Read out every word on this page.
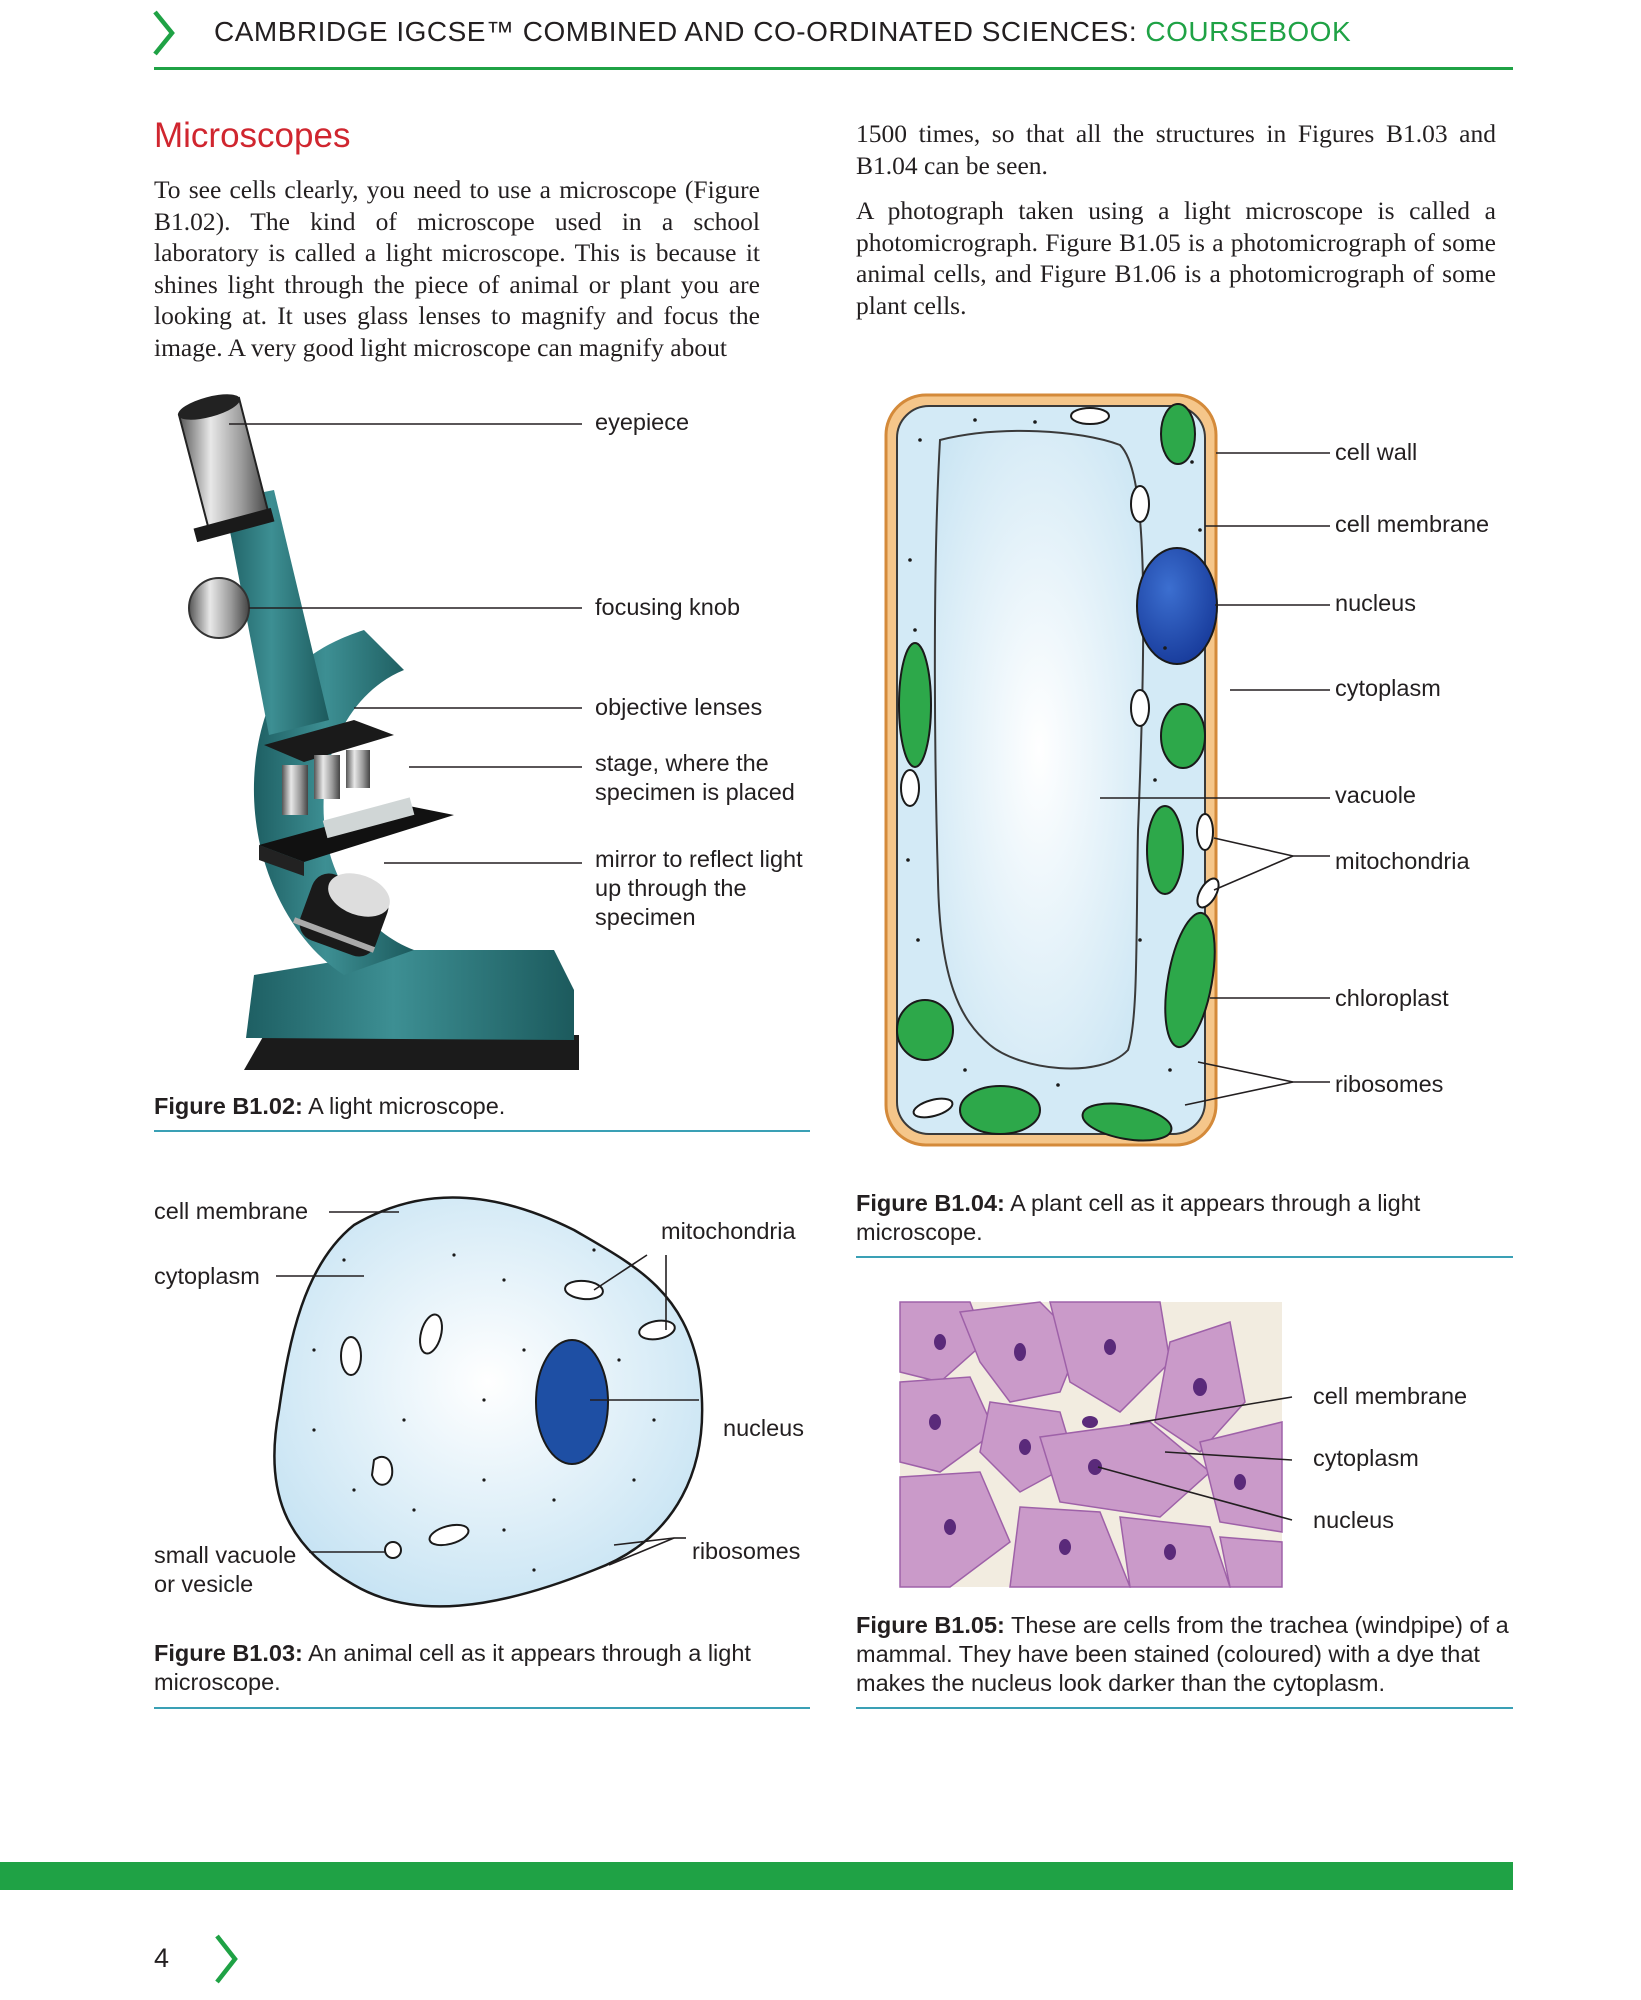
CAMBRIDGE IGCSE™ COMBINED AND CO-ORDINATED SCIENCES: COURSEBOOK
Microscopes

To see cells clearly, you need to use a microscope (Figure B1.02). The kind of microscope used in a school laboratory is called a light microscope. This is because it shines light through the piece of animal or plant you are looking at. It uses glass lenses to magnify and focus the image. A very good light microscope can magnify about

1500 times, so that all the structures in Figures B1.03 and B1.04 can be seen.

A photograph taken using a light microscope is called a photomicrograph. Figure B1.05 is a photomicrograph of some animal cells, and Figure B1.06 is a photomicrograph of some plant cells.

eyepiece
focusing knob
objective lenses
stage, where the specimen is placed
mirror to reflect light up through the specimen
Figure B1.02: A light microscope.
cell wall
cell membrane
nucleus
cytoplasm
vacuole
mitochondria
chloroplast
ribosomes
Figure B1.04: A plant cell as it appears through a light microscope.
cell membrane
cytoplasm
mitochondria
nucleus
small vacuole or vesicle
ribosomes
Figure B1.03: An animal cell as it appears through a light microscope.
cell membrane
cytoplasm
nucleus
Figure B1.05: These are cells from the trachea (windpipe) of a mammal. They have been stained (coloured) with a dye that makes the nucleus look darker than the cytoplasm.
4
